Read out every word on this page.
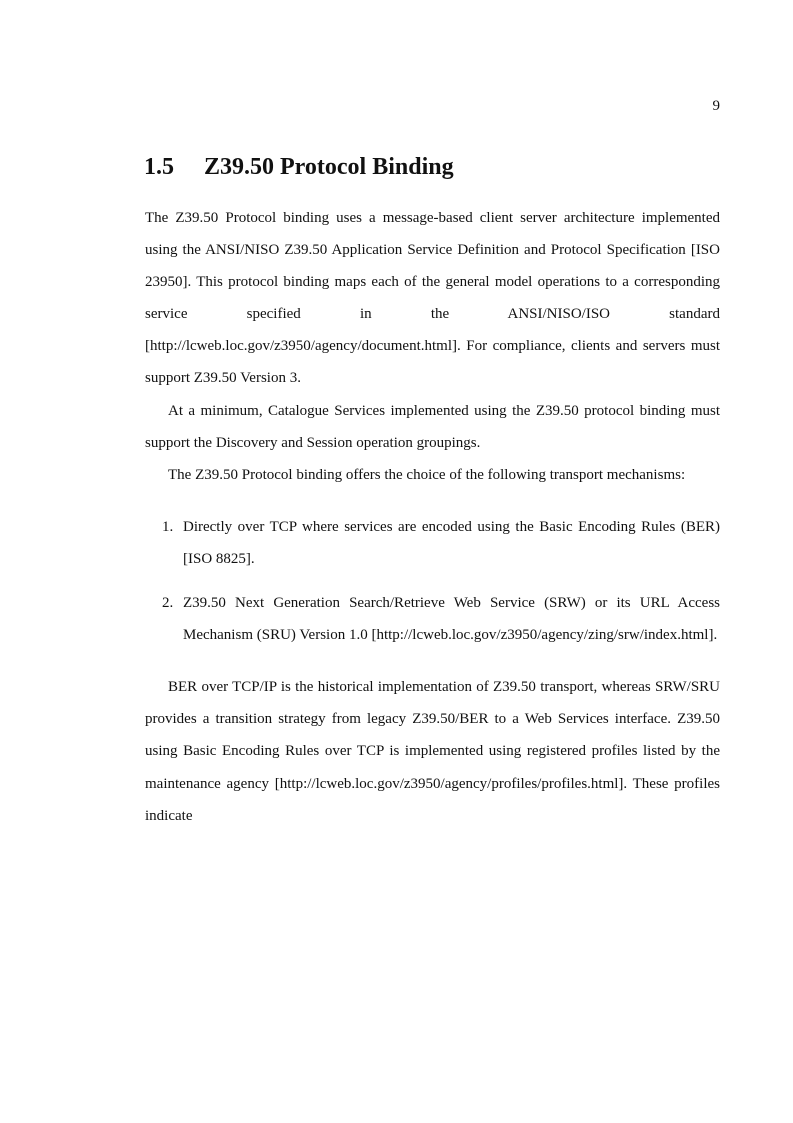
9
1.5 Z39.50 Protocol Binding

The Z39.50 Protocol binding uses a message-based client server architecture implemented using the ANSI/NISO Z39.50 Application Service Definition and Protocol Specification [ISO 23950]. This protocol binding maps each of the general model operations to a corresponding service specified in the ANSI/NISO/ISO standard [http://lcweb.loc.gov/z3950/agency/document.html]. For compliance, clients and servers must support Z39.50 Version 3.

At a minimum, Catalogue Services implemented using the Z39.50 protocol binding must support the Discovery and Session operation groupings.

The Z39.50 Protocol binding offers the choice of the following transport mechanisms:

1. Directly over TCP where services are encoded using the Basic Encoding Rules (BER) [ISO 8825].
2. Z39.50 Next Generation Search/Retrieve Web Service (SRW) or its URL Access Mechanism (SRU) Version 1.0 [http://lcweb.loc.gov/z3950/agency/zing/srw/index.html].

BER over TCP/IP is the historical implementation of Z39.50 transport, whereas SRW/SRU provides a transition strategy from legacy Z39.50/BER to a Web Services interface. Z39.50 using Basic Encoding Rules over TCP is implemented using registered profiles listed by the maintenance agency [http://lcweb.loc.gov/z3950/agency/profiles/profiles.html]. These profiles indicate
